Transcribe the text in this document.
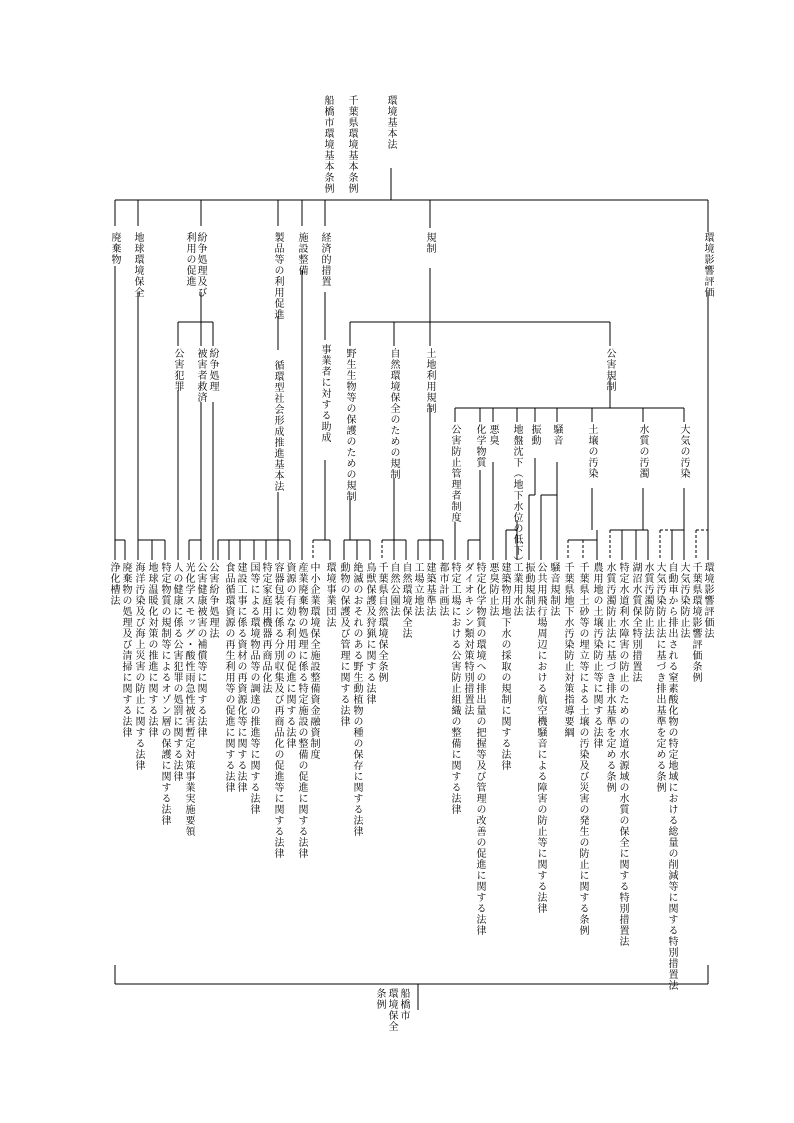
環境基本法
千葉県環境基本条例
船橋市環境基本条例
環境影響評価
規制
経済的措置
施設整備
製品等の利用促進
紛争処理及び利用の促進
地球環境保全
廃棄物
公害規制
大気の汚染
水質の汚濁
土壌の汚染
騒音
振動
地盤沈下（地下水位の低下）
悪臭
化学物質
公害防止管理者制度
土地利用規制
自然環境保全のための規制
野生生物等の保護のための規制
事業者に対する助成
循環型社会形成推進基本法
紛争処理
被害者救済
公害犯罪
環境影響評価法
千葉県環境影響評価条例
大気汚染防止法
自動車から排出される窒素酸化物の特定地域における総量の削減等に関する特別措置法
大気汚染防止法に基づき排出基準を定める条例
水質汚濁防止法
湖沼水質保全特別措置法
特定水道利水障害の防止のための水道水源域の水質の保全に関する特別措置法
水質汚濁防止法に基づき排水基準を定める条例
農用地の土壌汚染防止等に関する法律
千葉県土砂等の埋立等による土壌の汚染及び災害の発生の防止に関する条例
千葉県地下水汚染防止対策指導要綱
騒音規制法
公共用飛行場周辺における航空機騒音による障害の防止等に関する法律
振動規制法
工業用水法
建築物用地下水の採取の規制に関する法律
悪臭防止法
特定化学物質の環境への排出量の把握等及び管理の改善の促進に関する法律
ダイオキシン類対策特別措置法
特定工場における公害防止組織の整備に関する法律
都市計画法
建築基準法
工場立地法
自然環境保全法
自然公園法
千葉県自然環境保全条例
鳥獣保護及狩猟に関する法律
絶滅のおそれのある野生動植物の種の保存に関する法律
動物の保護及び管理に関する法律
環境事業団法
中小企業環境保全施設整備資金融資制度
産業廃棄物の処理に係る特定施設の整備の促進に関する法律
資源の有効な利用の促進に関する法律
容器包装に係る分別収集及び再商品化の促進等に関する法律
特定家庭用機器再商品化法
国等による環境物品等の調達の推進等に関する法律
建設工事に係る資材の再資源化等に関する法律
食品循環資源の再生利用等の促進に関する法律
公害紛争処理法
公害健康被害の補償等に関する法律
光化学スモッグ・酸性雨急性被害暫定対策事業実施要領
人の健康に係る公害犯罪の処罰に関する法律
特定物質の規制等によるオゾン層の保護に関する法律
地球温暖化対策の推進に関する法律
海洋汚染及び海上災害の防止に関する法律
廃棄物の処理及び清掃に関する法律
浄化槽法
船橋市
環境保全
条例
